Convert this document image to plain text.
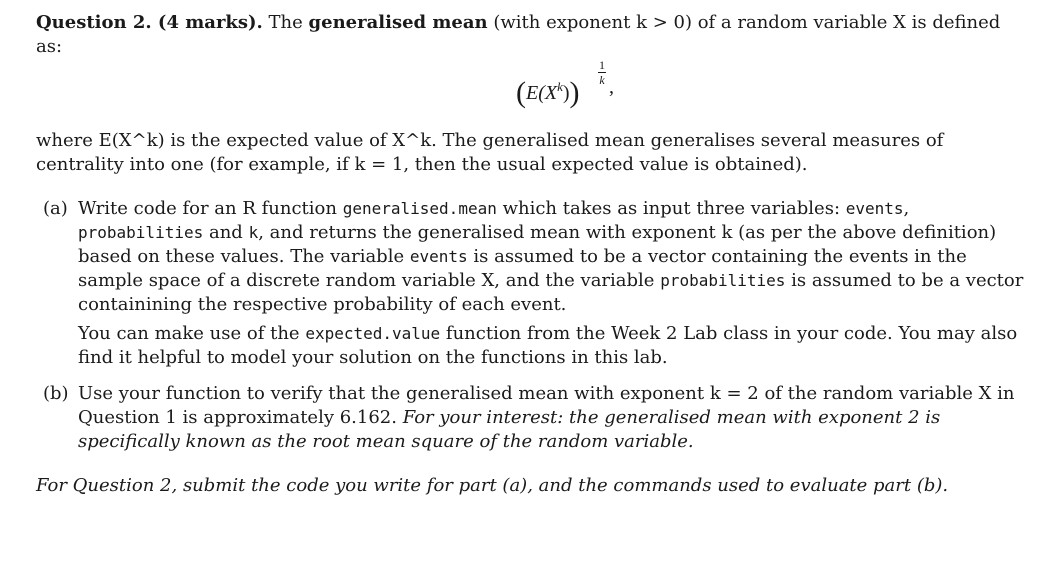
Question 2. (4 marks). The generalised mean (with exponent k > 0) of a random variable X is defined as:

$(E(X^k))$
1
k ,

where E(X^k) is the expected value of X^k. The generalised mean generalises several measures of centrality into one (for example, if k = 1, then the usual expected value is obtained).

(a) Write code for an R function generalised.mean which takes as input three variables: events, probabilities and k, and returns the generalised mean with exponent k (as per the above definition) based on these values. The variable events is assumed to be a vector containing the events in the sample space of a discrete random variable X, and the variable probabilities is assumed to be a vector containining the respective probability of each event.

You can make use of the expected.value function from the Week 2 Lab class in your code. You may also find it helpful to model your solution on the functions in this lab.

(b) Use your function to verify that the generalised mean with exponent k = 2 of the random variable X in Question 1 is approximately 6.162. For your interest: the generalised mean with exponent 2 is specifically known as the root mean square of the random variable.

For Question 2, submit the code you write for part (a), and the commands used to evaluate part (b).
